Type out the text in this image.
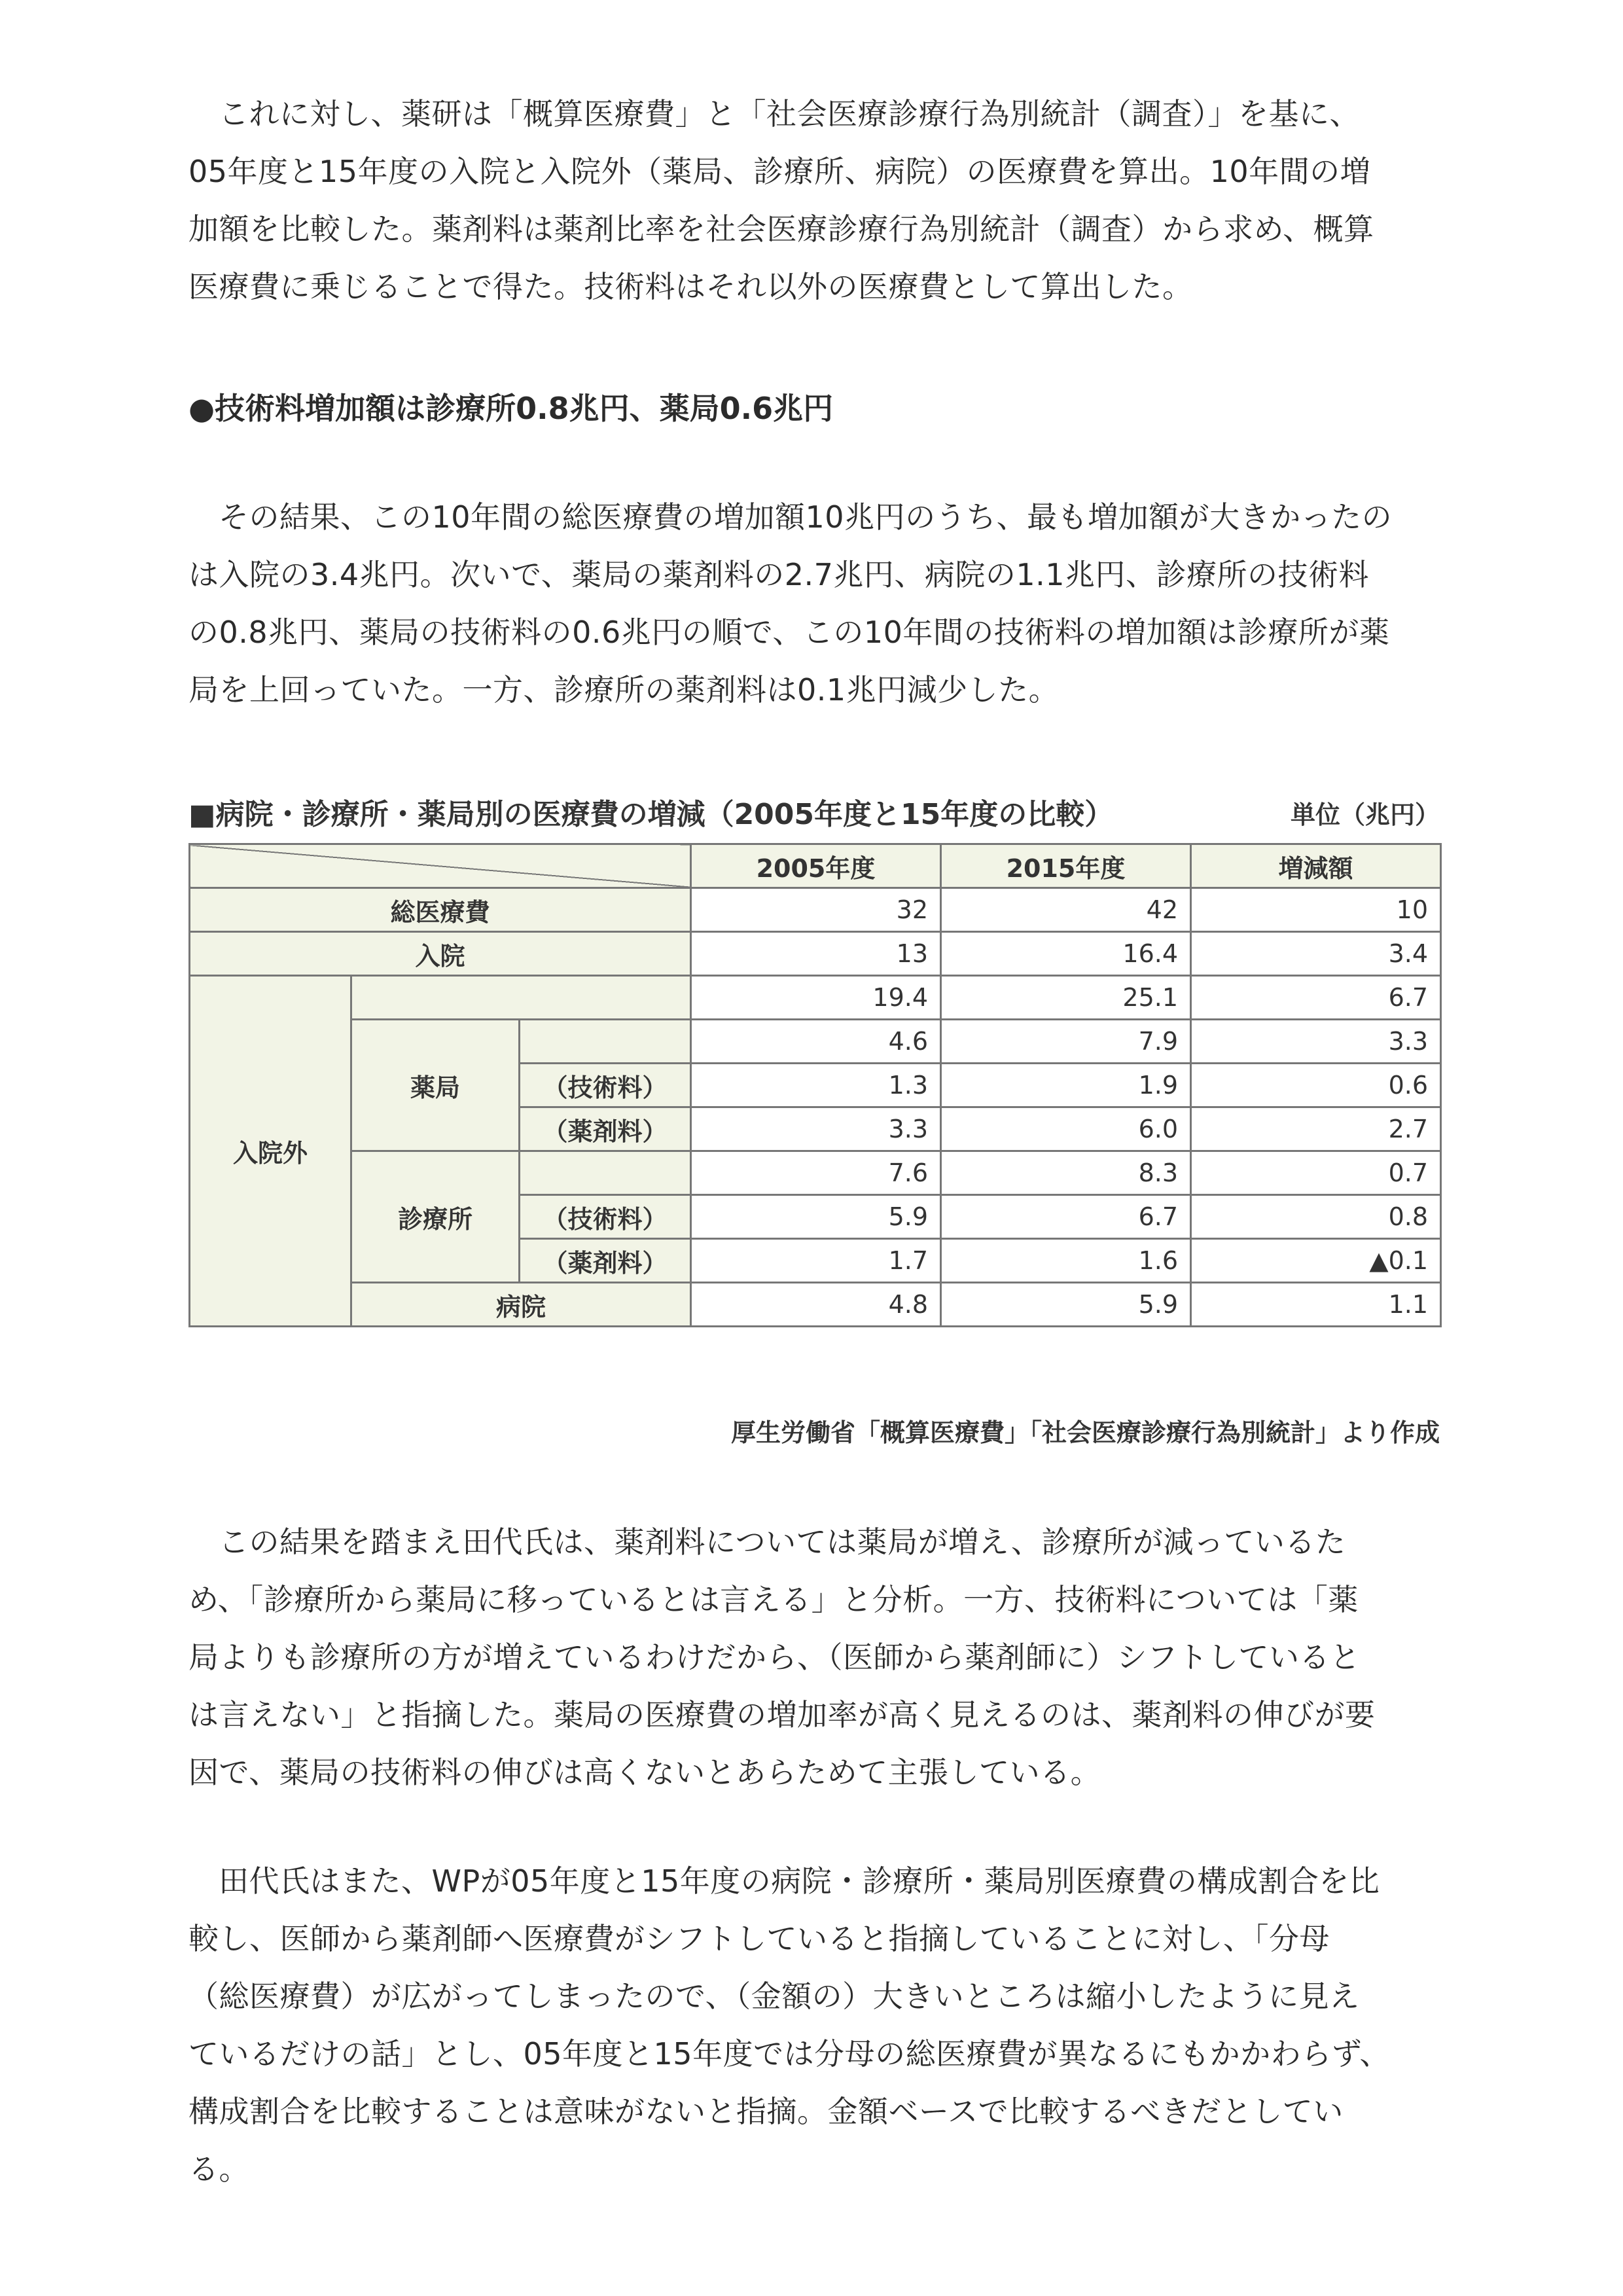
これに対し、薬研は「概算医療費」と「社会医療診療行為別統計（調査）」を基に、
05年度と15年度の入院と入院外（薬局、診療所、病院）の医療費を算出。10年間の増
加額を比較した。薬剤料は薬剤比率を社会医療診療行為別統計（調査）から求め、概算
医療費に乗じることで得た。技術料はそれ以外の医療費として算出した。

●技術料増加額は診療所0.8兆円、薬局0.6兆円

その結果、この10年間の総医療費の増加額10兆円のうち、最も増加額が大きかったの
は入院の3.4兆円。次いで、薬局の薬剤料の2.7兆円、病院の1.1兆円、診療所の技術料
の0.8兆円、薬局の技術料の0.6兆円の順で、この10年間の技術料の増加額は診療所が薬
局を上回っていた。一方、診療所の薬剤料は0.1兆円減少した。

■病院・診療所・薬局別の医療費の増減（2005年度と15年度の比較）	単位（兆円）
			2005年度	2015年度	増減額
総医療費			32	42	10
入院			13	16.4	3.4
入院外			19.4	25.1	6.7
	薬局		4.6	7.9	3.3
		（技術料）	1.3	1.9	0.6
		（薬剤料）	3.3	6.0	2.7
	診療所		7.6	8.3	0.7
		（技術料）	5.9	6.7	0.8
		（薬剤料）	1.7	1.6	▲0.1
	病院		4.8	5.9	1.1
厚生労働省「概算医療費」「社会医療診療行為別統計」より作成

この結果を踏まえ田代氏は、薬剤料については薬局が増え、診療所が減っているた
め、「診療所から薬局に移っているとは言える」と分析。一方、技術料については「薬
局よりも診療所の方が増えているわけだから、（医師から薬剤師に）シフトしていると
は言えない」と指摘した。薬局の医療費の増加率が高く見えるのは、薬剤料の伸びが要
因で、薬局の技術料の伸びは高くないとあらためて主張している。

田代氏はまた、WPが05年度と15年度の病院・診療所・薬局別医療費の構成割合を比
較し、医師から薬剤師へ医療費がシフトしていると指摘していることに対し、「分母
（総医療費）が広がってしまったので、（金額の）大きいところは縮小したように見え
ているだけの話」とし、05年度と15年度では分母の総医療費が異なるにもかかわらず、
構成割合を比較することは意味がないと指摘。金額ベースで比較するべきだとしてい
る。
